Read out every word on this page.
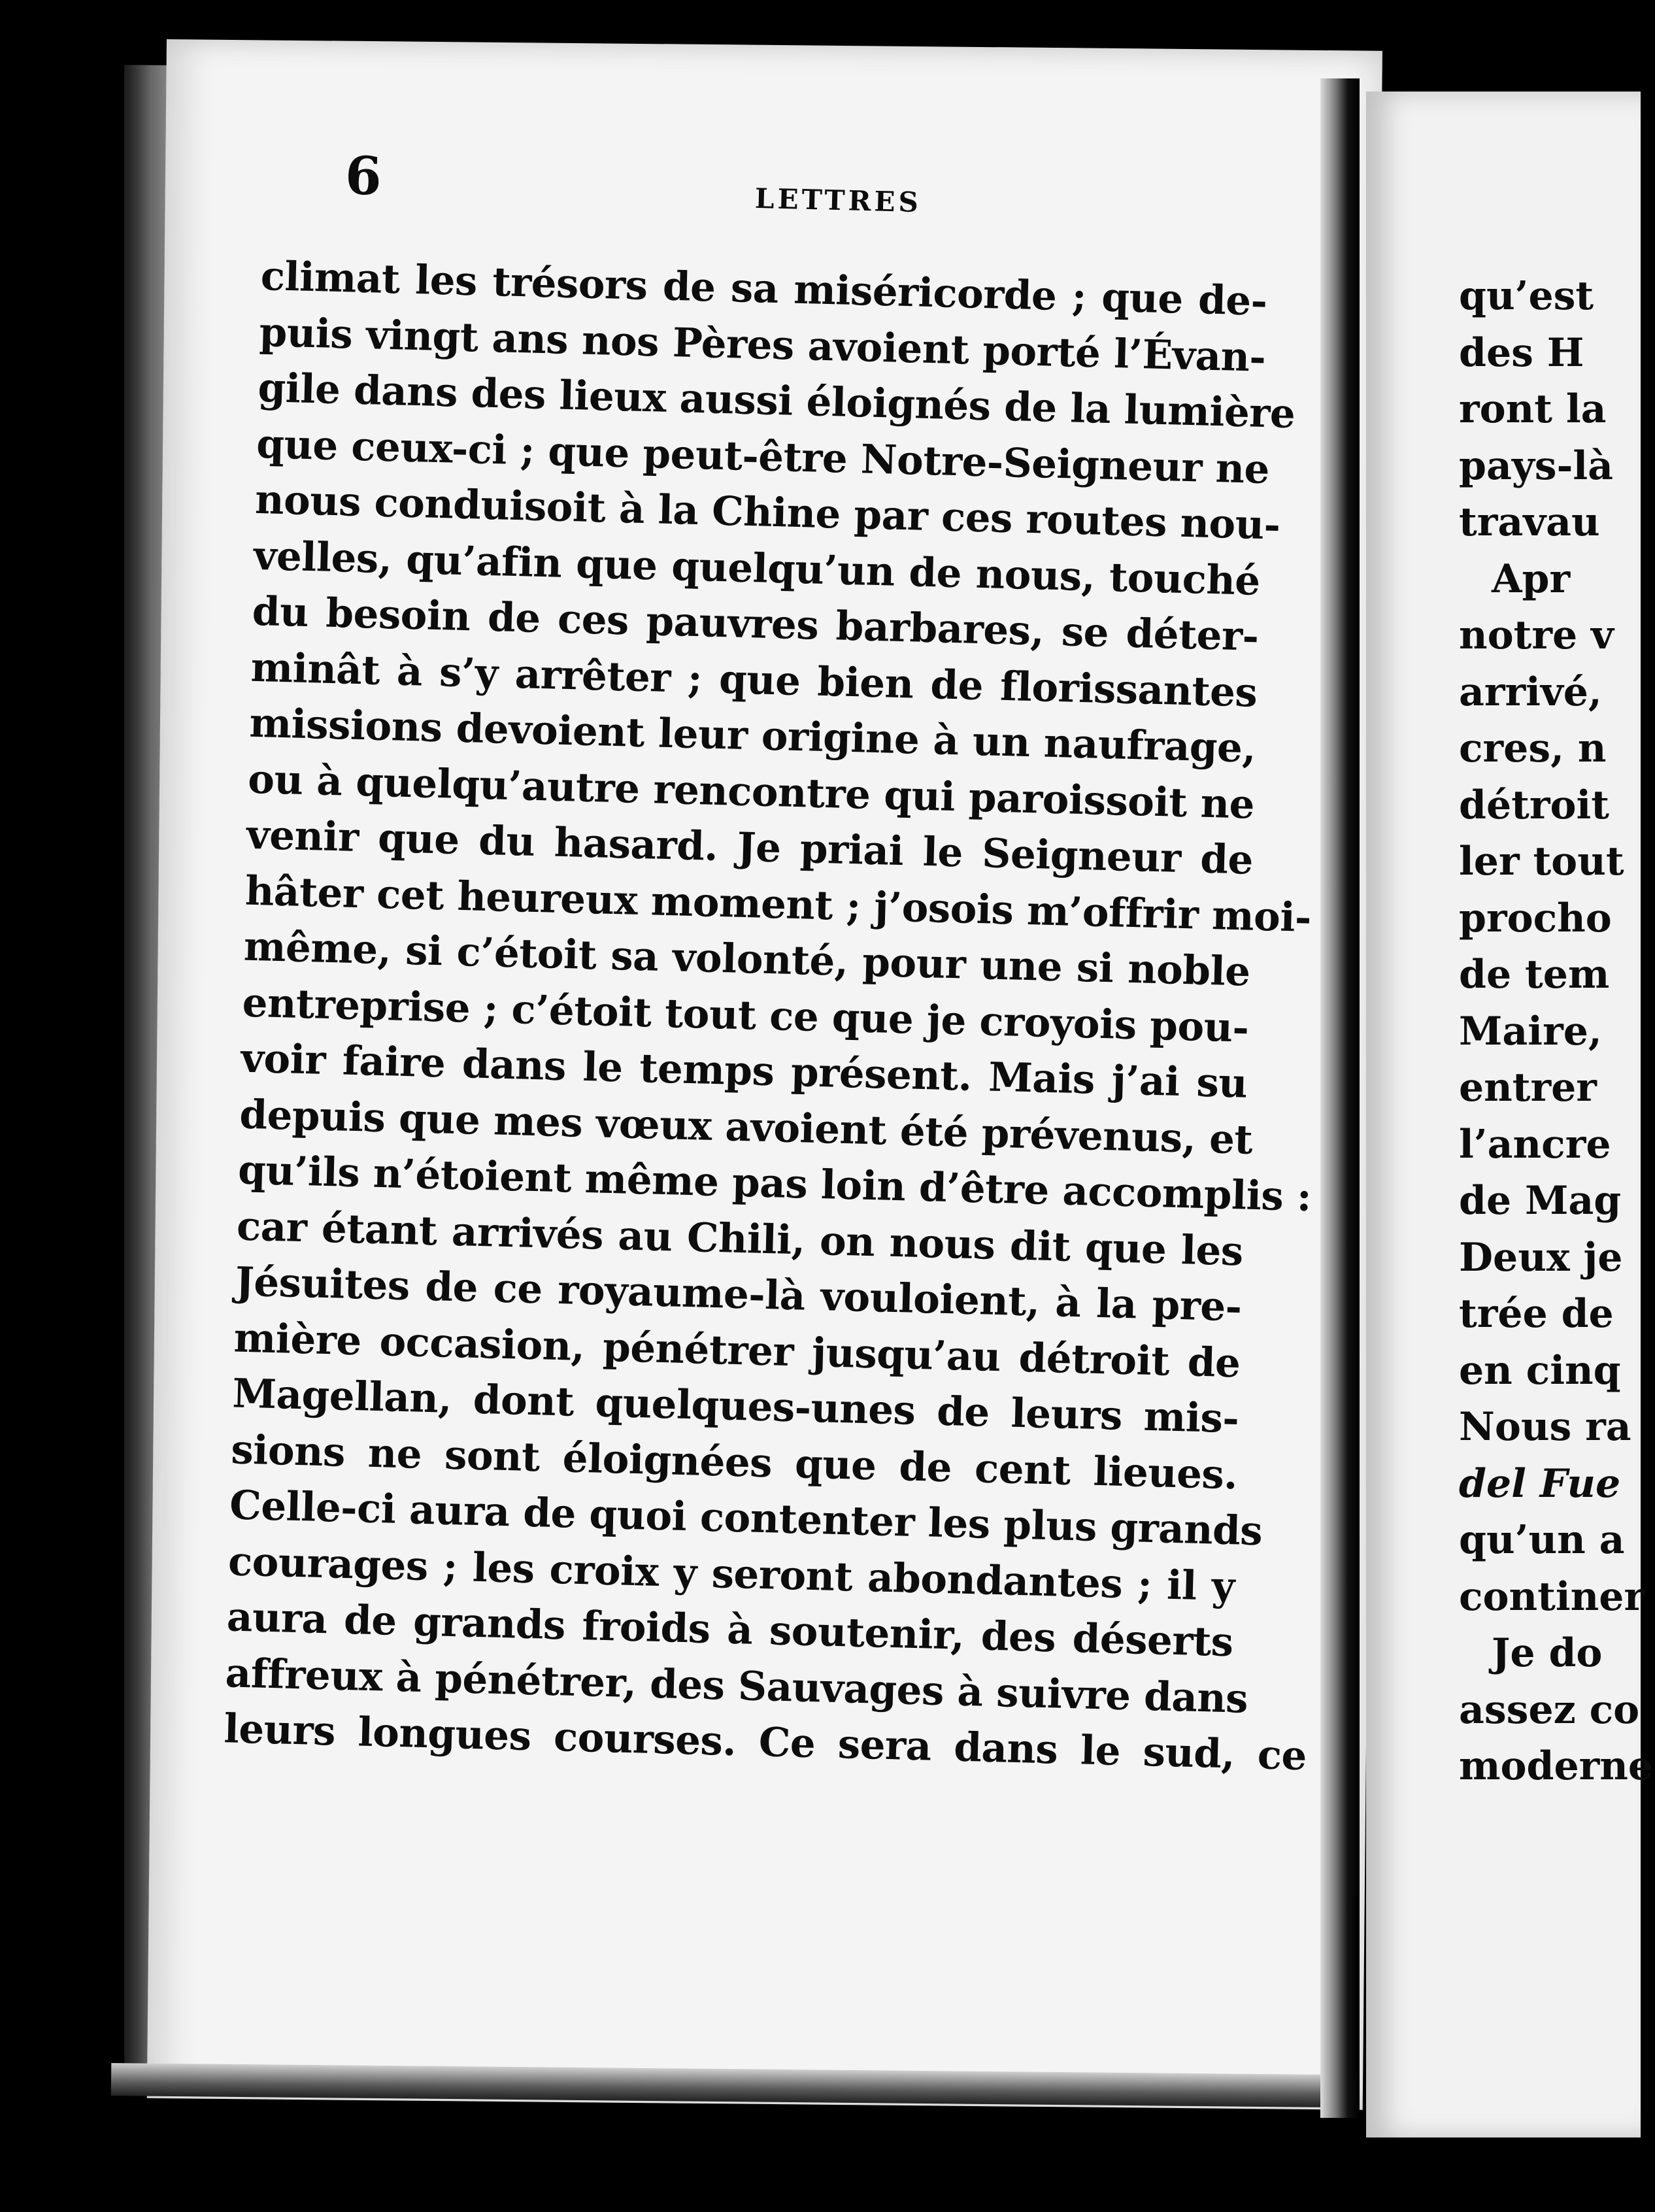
6	LETTRES
climat les trésors de sa miséricorde ; que de-
puis vingt ans nos Pères avoient porté l’Évan-
gile dans des lieux aussi éloignés de la lumière
que ceux-ci ; que peut-être Notre-Seigneur ne
nous conduisoit à la Chine par ces routes nou-
velles, qu’afin que quelqu’un de nous, touché
du besoin de ces pauvres barbares, se déter-
minât à s’y arrêter ; que bien de florissantes
missions devoient leur origine à un naufrage,
ou à quelqu’autre rencontre qui paroissoit ne
venir que du hasard. Je priai le Seigneur de
hâter cet heureux moment ; j’osois m’offrir moi-
même, si c’étoit sa volonté, pour une si noble
entreprise ; c’étoit tout ce que je croyois pou-
voir faire dans le temps présent. Mais j’ai su
depuis que mes vœux avoient été prévenus, et
qu’ils n’étoient même pas loin d’être accomplis :
car étant arrivés au Chili, on nous dit que les
Jésuites de ce royaume-là vouloient, à la pre-
mière occasion, pénétrer jusqu’au détroit de
Magellan, dont quelques-unes de leurs mis-
sions ne sont éloignées que de cent lieues.
Celle-ci aura de quoi contenter les plus grands
courages ; les croix y seront abondantes ; il y
aura de grands froids à soutenir, des déserts
affreux à pénétrer, des Sauvages à suivre dans
leurs longues courses. Ce sera dans le sud, ce
qu’est
des H
ront la
pays-là
travau
Apr
notre v
arrivé,
cres, n
détroit
ler tout
procho
de tem
Maire,
entrer
l’ancre
de Mag
Deux je
trée de
en cinq
Nous ra
del Fue
qu’un a
continer
Je do
assez co
moderne
